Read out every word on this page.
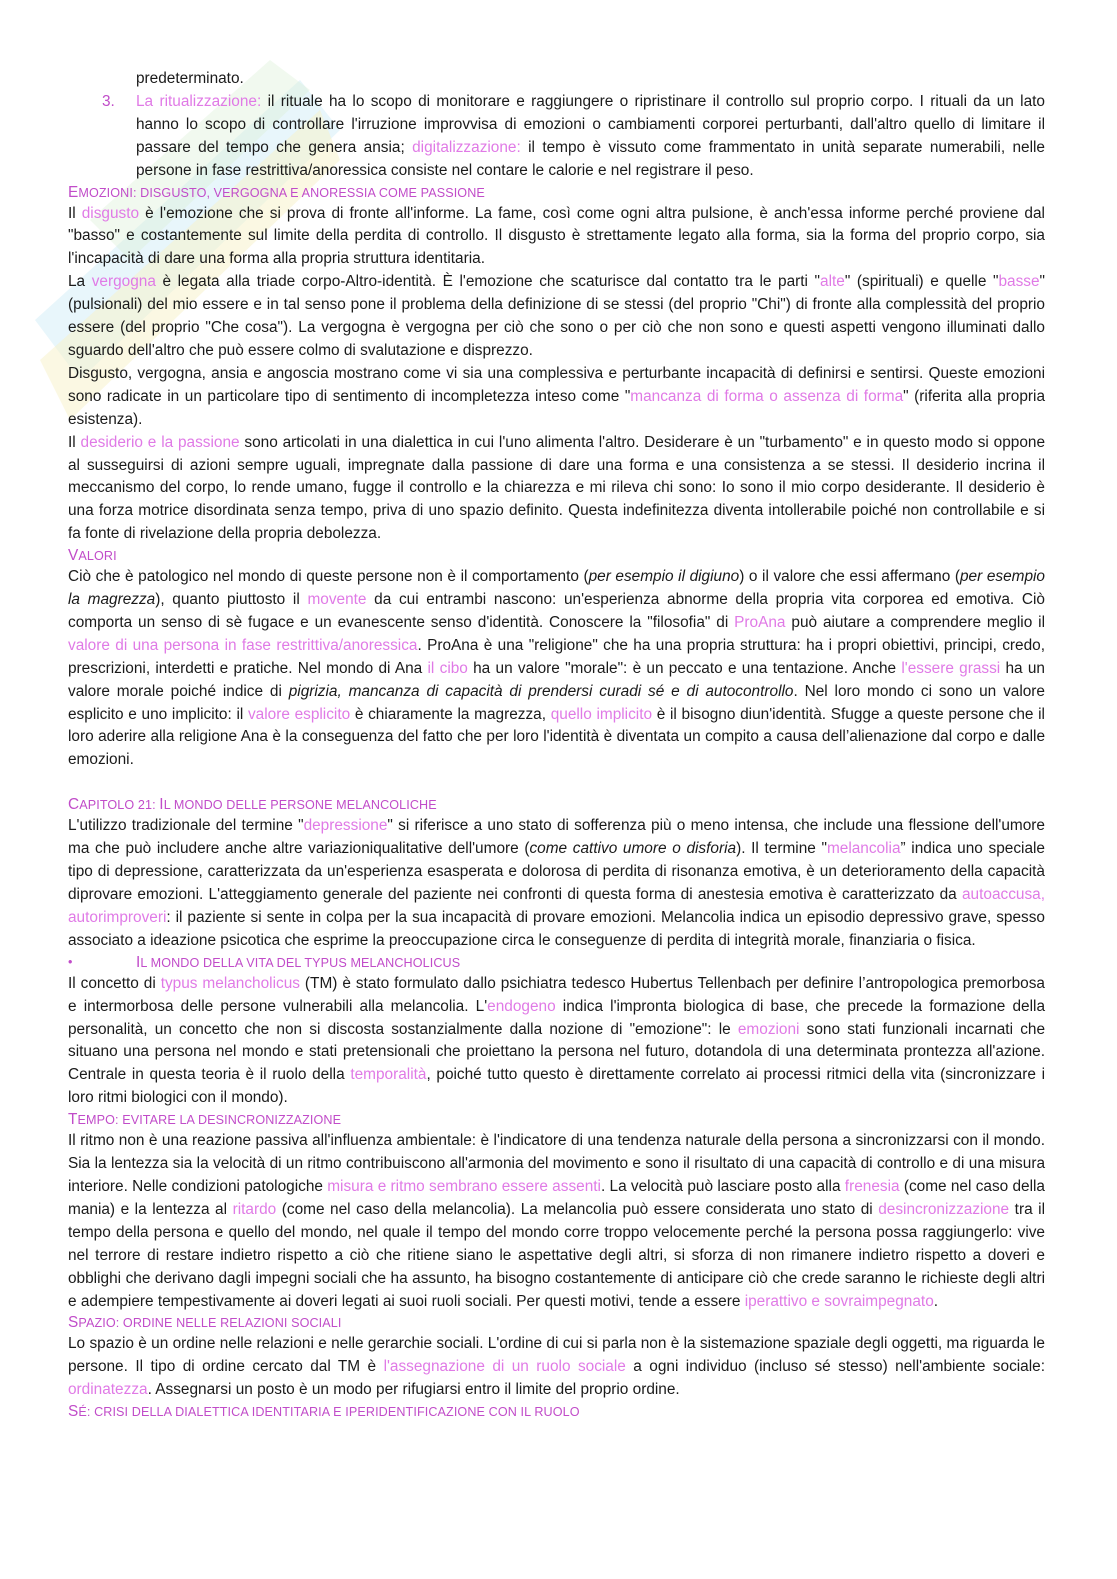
predeterminato.

3. La ritualizzazione: il rituale ha lo scopo di monitorare e raggiungere o ripristinare il controllo sul proprio corpo. I rituali da un lato hanno lo scopo di controllare l'irruzione improvvisa di emozioni o cambiamenti corporei perturbanti, dall'altro quello di limitare il passare del tempo che genera ansia; digitalizzazione: il tempo è vissuto come frammentato in unità separate numerabili, nelle persone in fase restrittiva/anoressica consiste nel contare le calorie e nel registrare il peso.

EMOZIONI: DISGUSTO, VERGOGNA E ANORESSIA COME PASSIONE

Il disgusto è l'emozione che si prova di fronte all'informe. La fame, così come ogni altra pulsione, è anch'essa informe perché proviene dal "basso" e costantemente sul limite della perdita di controllo. Il disgusto è strettamente legato alla forma, sia la forma del proprio corpo, sia l'incapacità di dare una forma alla propria struttura identitaria.

La vergogna è legata alla triade corpo-Altro-identità. È l'emozione che scaturisce dal contatto tra le parti "alte" (spirituali) e quelle "basse" (pulsionali) del mio essere e in tal senso pone il problema della definizione di se stessi (del proprio "Chi") di fronte alla complessità del proprio essere (del proprio "Che cosa"). La vergogna è vergogna per ciò che sono o per ciò che non sono e questi aspetti vengono illuminati dallo sguardo dell'altro che può essere colmo di svalutazione e disprezzo.

Disgusto, vergogna, ansia e angoscia mostrano come vi sia una complessiva e perturbante incapacità di definirsi e sentirsi. Queste emozioni sono radicate in un particolare tipo di sentimento di incompletezza inteso come "mancanza di forma o assenza di forma" (riferita alla propria esistenza).

Il desiderio e la passione sono articolati in una dialettica in cui l'uno alimenta l'altro. Desiderare è un "turbamento" e in questo modo si oppone al susseguirsi di azioni sempre uguali, impregnate dalla passione di dare una forma e una consistenza a se stessi. Il desiderio incrina il meccanismo del corpo, lo rende umano, fugge il controllo e la chiarezza e mi rileva chi sono: Io sono il mio corpo desiderante. Il desiderio è una forza motrice disordinata senza tempo, priva di uno spazio definito. Questa indefinitezza diventa intollerabile poiché non controllabile e si fa fonte di rivelazione della propria debolezza.

VALORI

Ciò che è patologico nel mondo di queste persone non è il comportamento (per esempio il digiuno) o il valore che essi affermano (per esempio la magrezza), quanto piuttosto il movente da cui entrambi nascono: un'esperienza abnorme della propria vita corporea ed emotiva. Ciò comporta un senso di sè fugace e un evanescente senso d'identità. Conoscere la "filosofia" di ProAna può aiutare a comprendere meglio il valore di una persona in fase restrittiva/anoressica. ProAna è una "religione" che ha una propria struttura: ha i propri obiettivi, principi, credo, prescrizioni, interdetti e pratiche. Nel mondo di Ana il cibo ha un valore "morale": è un peccato e una tentazione. Anche l'essere grassi ha un valore morale poiché indice di pigrizia, mancanza di capacità di prendersi curadi sé e di autocontrollo. Nel loro mondo ci sono un valore esplicito e uno implicito: il valore esplicito è chiaramente la magrezza, quello implicito è il bisogno diun'identità. Sfugge a queste persone che il loro aderire alla religione Ana è la conseguenza del fatto che per loro l'identità è diventata un compito a causa dell’alienazione dal corpo e dalle emozioni.

CAPITOLO 21: IL MONDO DELLE PERSONE MELANCOLICHE

L'utilizzo tradizionale del termine "depressione" si riferisce a uno stato di sofferenza più o meno intensa, che include una flessione dell'umore ma che può includere anche altre variazioniqualitative dell'umore (come cattivo umore o disforia). Il termine "melancolia” indica uno speciale tipo di depressione, caratterizzata da un'esperienza esasperata e dolorosa di perdita di risonanza emotiva, è un deterioramento della capacità diprovare emozioni. L'atteggiamento generale del paziente nei confronti di questa forma di anestesia emotiva è caratterizzato da autoaccusa, autorimproveri: il paziente si sente in colpa per la sua incapacità di provare emozioni. Melancolia indica un episodio depressivo grave, spesso associato a ideazione psicotica che esprime la preoccupazione circa le conseguenze di perdita di integrità morale, finanziaria o fisica.

•	IL MONDO DELLA VITA DEL TYPUS MELANCHOLICUS

Il concetto di typus melancholicus (TM) è stato formulato dallo psichiatra tedesco Hubertus Tellenbach per definire l’antropologica premorbosa e intermorbosa delle persone vulnerabili alla melancolia. L'endogeno indica l'impronta biologica di base, che precede la formazione della personalità, un concetto che non si discosta sostanzialmente dalla nozione di "emozione": le emozioni sono stati funzionali incarnati che situano una persona nel mondo e stati pretensionali che proiettano la persona nel futuro, dotandola di una determinata prontezza all'azione. Centrale in questa teoria è il ruolo della temporalità, poiché tutto questo è direttamente correlato ai processi ritmici della vita (sincronizzare i loro ritmi biologici con il mondo).

TEMPO: EVITARE LA DESINCRONIZZAZIONE

Il ritmo non è una reazione passiva all'influenza ambientale: è l'indicatore di una tendenza naturale della persona a sincronizzarsi con il mondo. Sia la lentezza sia la velocità di un ritmo contribuiscono all'armonia del movimento e sono il risultato di una capacità di controllo e di una misura interiore. Nelle condizioni patologiche misura e ritmo sembrano essere assenti. La velocità può lasciare posto alla frenesia (come nel caso della mania) e la lentezza al ritardo (come nel caso della melancolia). La melancolia può essere considerata uno stato di desincronizzazione tra il tempo della persona e quello del mondo, nel quale il tempo del mondo corre troppo velocemente perché la persona possa raggiungerlo: vive nel terrore di restare indietro rispetto a ciò che ritiene siano le aspettative degli altri, si sforza di non rimanere indietro rispetto a doveri e obblighi che derivano dagli impegni sociali che ha assunto, ha bisogno costantemente di anticipare ciò che crede saranno le richieste degli altri e adempiere tempestivamente ai doveri legati ai suoi ruoli sociali. Per questi motivi, tende a essere iperattivo e sovraimpegnato.

SPAZIO: ORDINE NELLE RELAZIONI SOCIALI

Lo spazio è un ordine nelle relazioni e nelle gerarchie sociali. L'ordine di cui si parla non è la sistemazione spaziale degli oggetti, ma riguarda le persone. Il tipo di ordine cercato dal TM è l'assegnazione di un ruolo sociale a ogni individuo (incluso sé stesso) nell'ambiente sociale: ordinatezza. Assegnarsi un posto è un modo per rifugiarsi entro il limite del proprio ordine.

SÉ: CRISI DELLA DIALETTICA IDENTITARIA E IPERIDENTIFICAZIONE CON IL RUOLO
